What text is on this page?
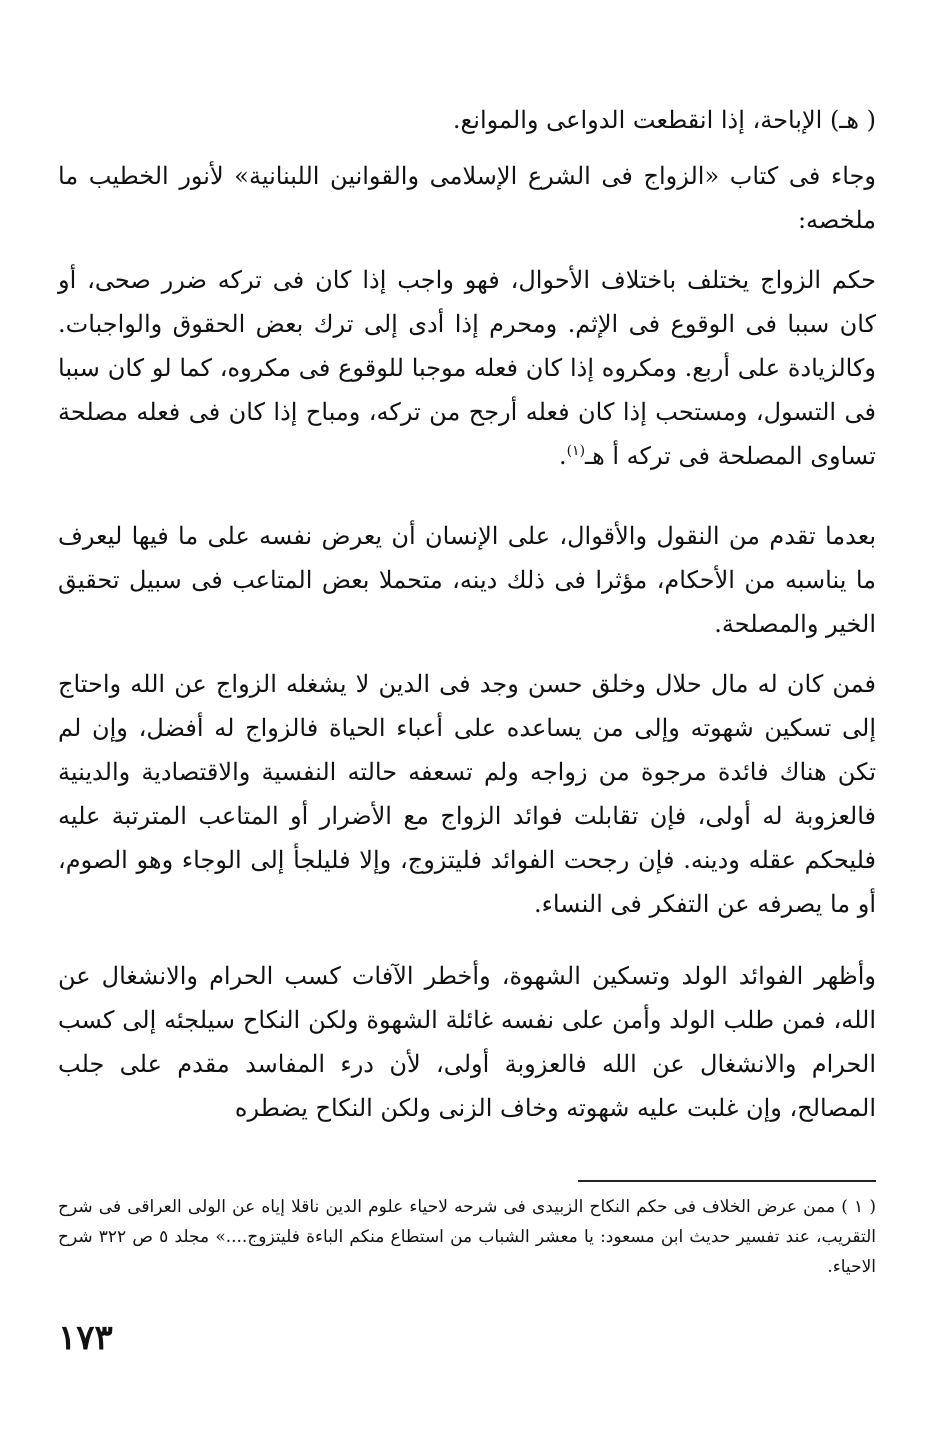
( هـ) الإباحة، إذا انقطعت الدواعى والموانع.

وجاء فى كتاب «الزواج فى الشرع الإسلامى والقوانين اللبنانية» لأنور الخطيب ما ملخصه:

حكم الزواج يختلف باختلاف الأحوال، فهو واجب إذا كان فى تركه ضرر صحى، أو كان سببا فى الوقوع فى الإثم. ومحرم إذا أدى إلى ترك بعض الحقوق والواجبات. وكالزيادة على أربع. ومكروه إذا كان فعله موجبا للوقوع فى مكروه، كما لو كان سببا فى التسول، ومستحب إذا كان فعله أرجح من تركه، ومباح إذا كان فى فعله مصلحة تساوى المصلحة فى تركه أ هـ$^{(١)}$.

بعدما تقدم من النقول والأقوال، على الإنسان أن يعرض نفسه على ما فيها ليعرف ما يناسبه من الأحكام، مؤثرا فى ذلك دينه، متحملا بعض المتاعب فى سبيل تحقيق الخير والمصلحة.

فمن كان له مال حلال وخلق حسن وجد فى الدين لا يشغله الزواج عن الله واحتاج إلى تسكين شهوته وإلى من يساعده على أعباء الحياة فالزواج له أفضل، وإن لم تكن هناك فائدة مرجوة من زواجه ولم تسعفه حالته النفسية والاقتصادية والدينية فالعزوبة له أولى، فإن تقابلت فوائد الزواج مع الأضرار أو المتاعب المترتبة عليه فليحكم عقله ودينه. فإن رجحت الفوائد فليتزوج، وإلا فليلجأ إلى الوجاء وهو الصوم، أو ما يصرفه عن التفكر فى النساء.

وأظهر الفوائد الولد وتسكين الشهوة، وأخطر الآفات كسب الحرام والانشغال عن الله، فمن طلب الولد وأمن على نفسه غائلة الشهوة ولكن النكاح سيلجئه إلى كسب الحرام والانشغال عن الله فالعزوبة أولى، لأن درء المفاسد مقدم على جلب المصالح، وإن غلبت عليه شهوته وخاف الزنى ولكن النكاح يضطره

( ١ ) ممن عرض الخلاف فى حكم النكاح الزبيدى فى شرحه لاحياء علوم الدين ناقلا إياه عن الولى العراقى فى شرح التقريب، عند تفسير حديث ابن مسعود: يا معشر الشباب من استطاع منكم الباءة فليتزوج....» مجلد ٥ ص ٣٢٢ شرح الاحياء.

١٧٣
